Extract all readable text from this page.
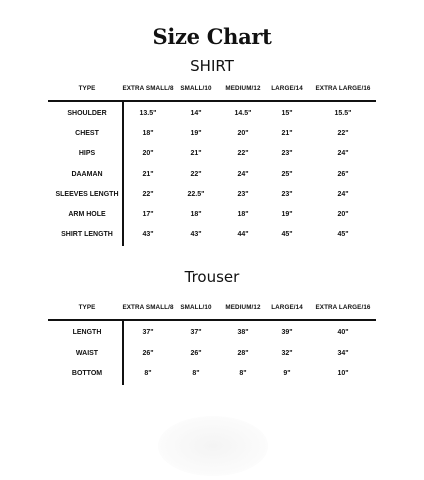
Size Chart
SHIRT
TYPE	EXTRA SMALL/8 SMALL/10 MEDIUM/12 LARGE/14 EXTRA LARGE/16
SHOULDER	13.5"	14"	14.5"	15"	15.5"
CHEST	18"	19"	20"	21"	22"
HIPS	20"	21"	22"	23"	24"
DAAMAN	21"	22"	24"	25"	26"
SLEEVES LENGTH	22"	22.5"	23"	23"	24"
ARM HOLE	17"	18"	18"	19"	20"
SHIRT LENGTH	43"	43"	44"	45"	45"
Trouser
TYPE	EXTRA SMALL/8 SMALL/10 MEDIUM/12 LARGE/14 EXTRA LARGE/16
LENGTH	37"	37"	38"	39"	40"
WAIST	26"	26"	28"	32"	34"
BOTTOM	8"	8"	8"	9"	10"
